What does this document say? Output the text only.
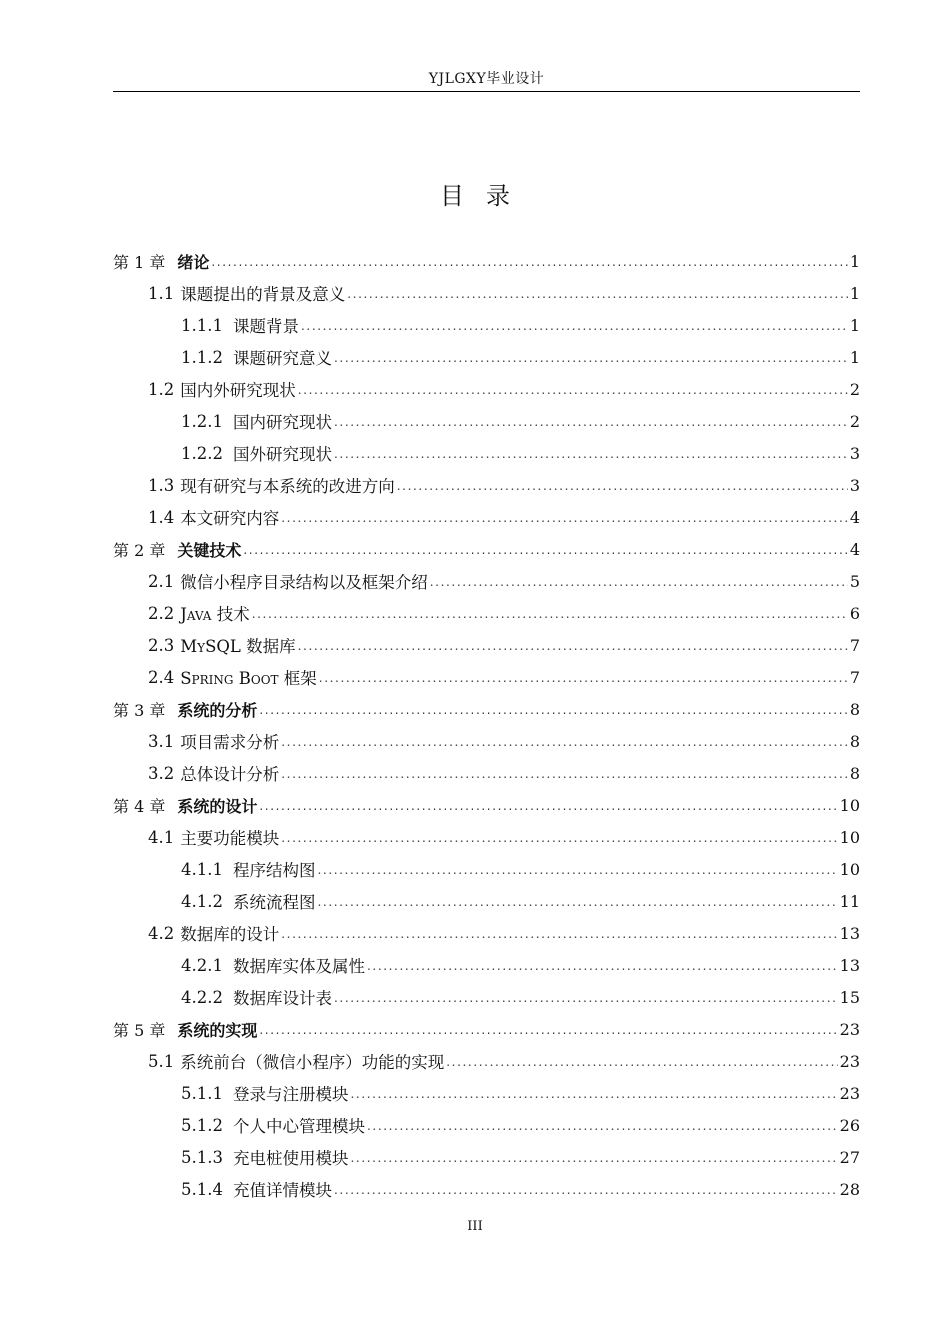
YJLGXY毕业设计
目录
第 1 章 绪论 .....	1
1.1 课题提出的背景及意义 .....	1
1.1.1 课题背景 .....	1
1.1.2 课题研究意义 .....	1
1.2 国内外研究现状 .....	2
1.2.1 国内研究现状 .....	2
1.2.2 国外研究现状 .....	3
1.3 现有研究与本系统的改进方向 .....	3
1.4 本文研究内容 .....	4
第 2 章 关键技术 .....	4
2.1 微信小程序目录结构以及框架介绍 .....	5
2.2 Java 技术 .....	6
2.3 MySQL 数据库 .....	7
2.4 Spring Boot 框架 .....	7
第 3 章 系统的分析 .....	8
3.1 项目需求分析 .....	8
3.2 总体设计分析 .....	8
第 4 章 系统的设计 .....	10
4.1 主要功能模块 .....	10
4.1.1 程序结构图 .....	10
4.1.2 系统流程图 .....	11
4.2 数据库的设计 .....	13
4.2.1 数据库实体及属性 .....	13
4.2.2 数据库设计表 .....	15
第 5 章 系统的实现 .....	23
5.1 系统前台（微信小程序）功能的实现 .....	23
5.1.1 登录与注册模块 .....	23
5.1.2 个人中心管理模块 .....	26
5.1.3 充电桩使用模块 .....	27
5.1.4 充值详情模块 .....	28
III
